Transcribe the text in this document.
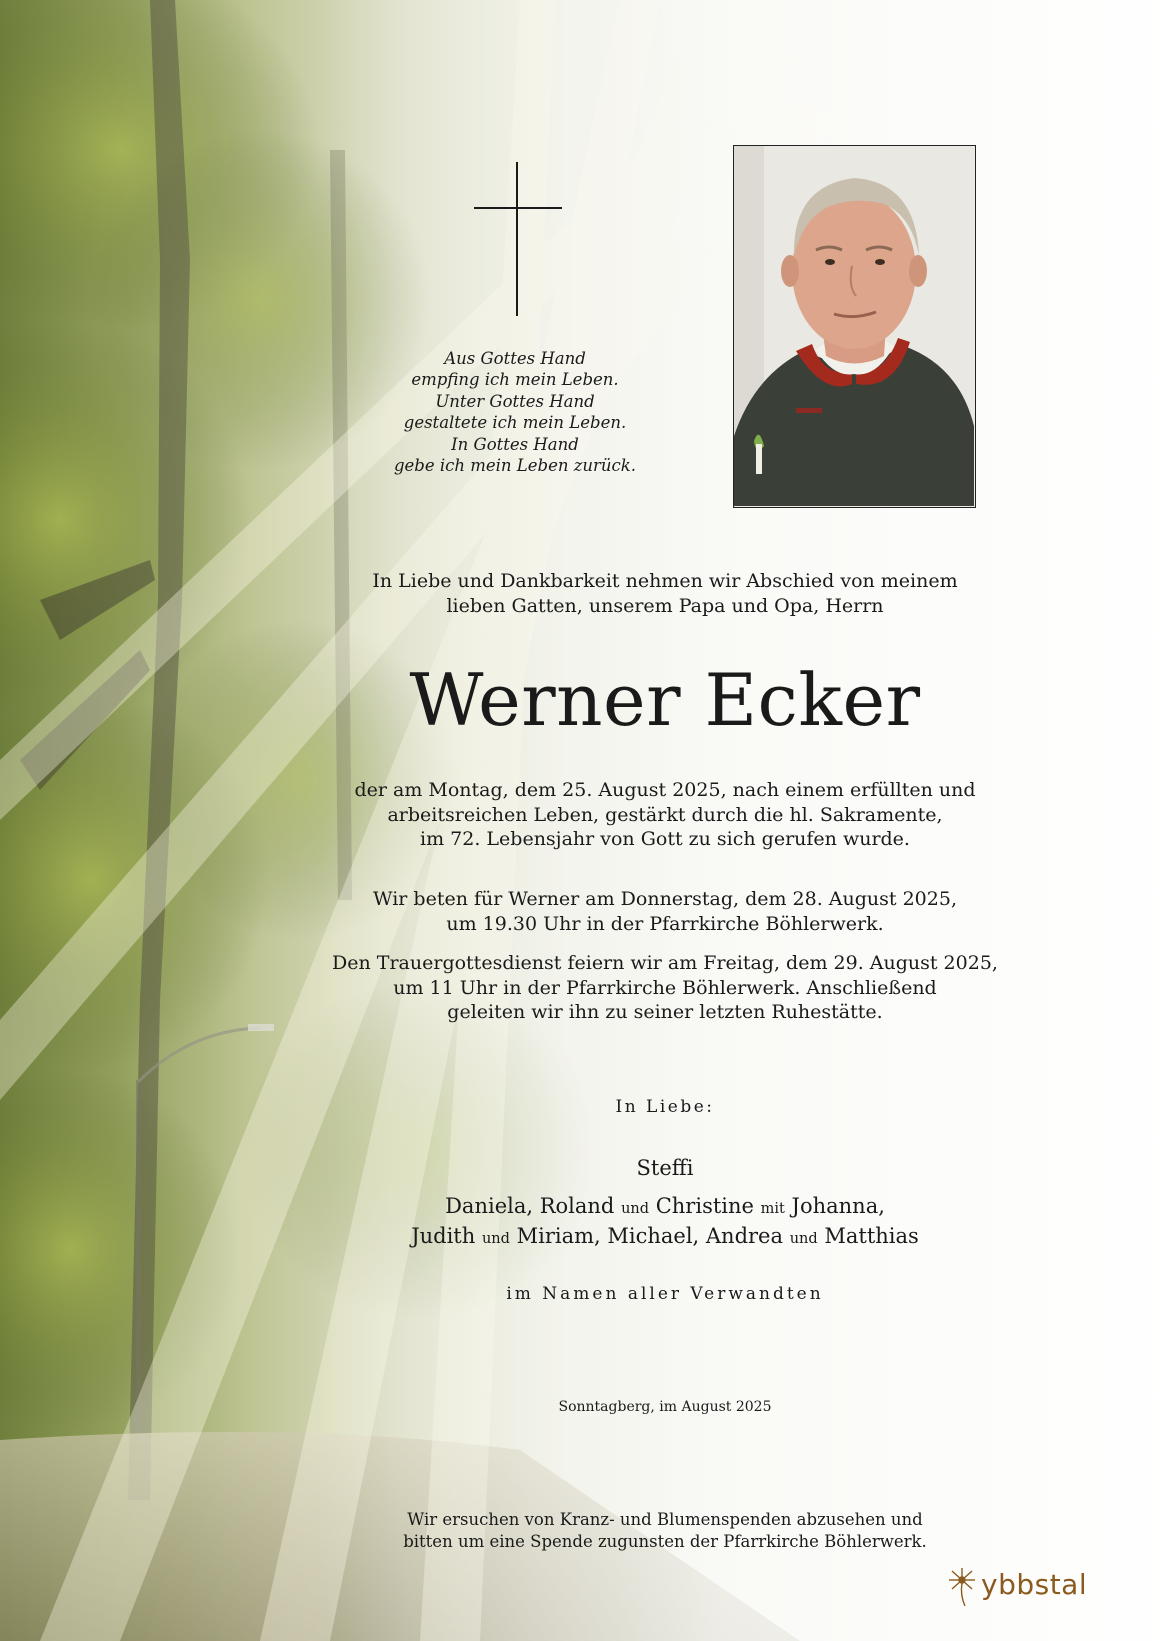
Aus Gottes Hand
empfing ich mein Leben.
Unter Gottes Hand
gestaltete ich mein Leben.
In Gottes Hand
gebe ich mein Leben zurück.
In Liebe und Dankbarkeit nehmen wir Abschied von meinem
lieben Gatten, unserem Papa und Opa, Herrn
Werner Ecker
der am Montag, dem 25. August 2025, nach einem erfüllten und
arbeitsreichen Leben, gestärkt durch die hl. Sakramente,
im 72. Lebensjahr von Gott zu sich gerufen wurde.
Wir beten für Werner am Donnerstag, dem 28. August 2025,
um 19.30 Uhr in der Pfarrkirche Böhlerwerk.
Den Trauergottesdienst feiern wir am Freitag, dem 29. August 2025,
um 11 Uhr in der Pfarrkirche Böhlerwerk. Anschließend
geleiten wir ihn zu seiner letzten Ruhestätte.
In Liebe:
Steffi
Daniela, Roland und Christine mit Johanna,
Judith und Miriam, Michael, Andrea und Matthias
im Namen aller Verwandten
Sonntagberg, im August 2025
Wir ersuchen von Kranz- und Blumenspenden abzusehen und
bitten um eine Spende zugunsten der Pfarrkirche Böhlerwerk.
ybbstal
